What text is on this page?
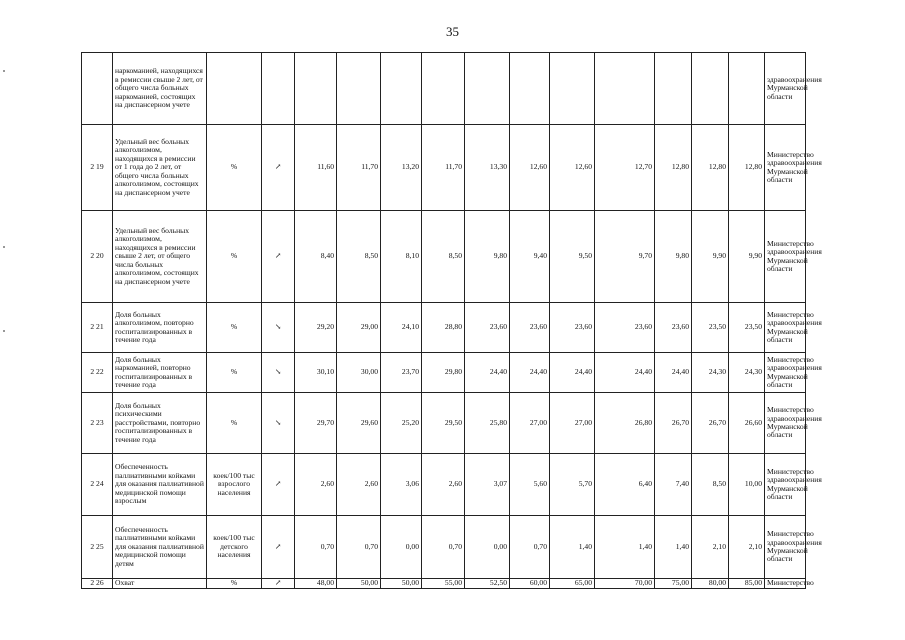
35
	наркоманией, находящихся в ремиссии свыше 2 лет, от общего числа больных наркоманией, состоящих на диспансерном учете														здравоохранения Мурманской области
2 19	Удельный вес больных алкоголизмом, находящихся в ремиссии от 1 года до 2 лет, от общего числа больных алкоголизмом, состоящих на диспансерном учете	%	↗	11,60	11,70	13,20	11,70	13,30	12,60	12,60	12,70	12,80	12,80	12,80	Министерство здравоохранения Мурманской области
2 20	Удельный вес больных алкоголизмом, находящихся в ремиссии свыше 2 лет, от общего числа больных алкоголизмом, состоящих на диспансерном учете	%	↗	8,40	8,50	8,10	8,50	9,80	9,40	9,50	9,70	9,80	9,90	9,90	Министерство здравоохранения Мурманской области
2 21	Доля больных алкоголизмом, повторно госпитализированных в течение года	%	↘	29,20	29,00	24,10	28,80	23,60	23,60	23,60	23,60	23,60	23,50	23,50	Министерство здравоохранения Мурманской области
2 22	Доля больных наркоманией, повторно госпитализированных в течение года	%	↘	30,10	30,00	23,70	29,80	24,40	24,40	24,40	24,40	24,40	24,30	24,30	Министерство здравоохранения Мурманской области
2 23	Доля больных психическими расстройствами, повторно госпитализированных в течение года	%	↘	29,70	29,60	25,20	29,50	25,80	27,00	27,00	26,80	26,70	26,70	26,60	Министерство здравоохранения Мурманской области
2 24	Обеспеченность паллиативными койками для оказания паллиативной медицинской помощи взрослым	коек/100 тыс взрослого населения	↗	2,60	2,60	3,06	2,60	3,07	5,60	5,70	6,40	7,40	8,50	10,00	Министерство здравоохранения Мурманской области
2 25	Обеспеченность паллиативными койками для оказания паллиативной медицинской помощи детям	коек/100 тыс детского населения	↗	0,70	0,70	0,00	0,70	0,00	0,70	1,40	1,40	1,40	2,10	2,10	Министерство здравоохранения Мурманской области
2 26	Охват	%	↗	48,00	50,00	50,00	55,00	52,50	60,00	65,00	70,00	75,00	80,00	85,00	Министерство
